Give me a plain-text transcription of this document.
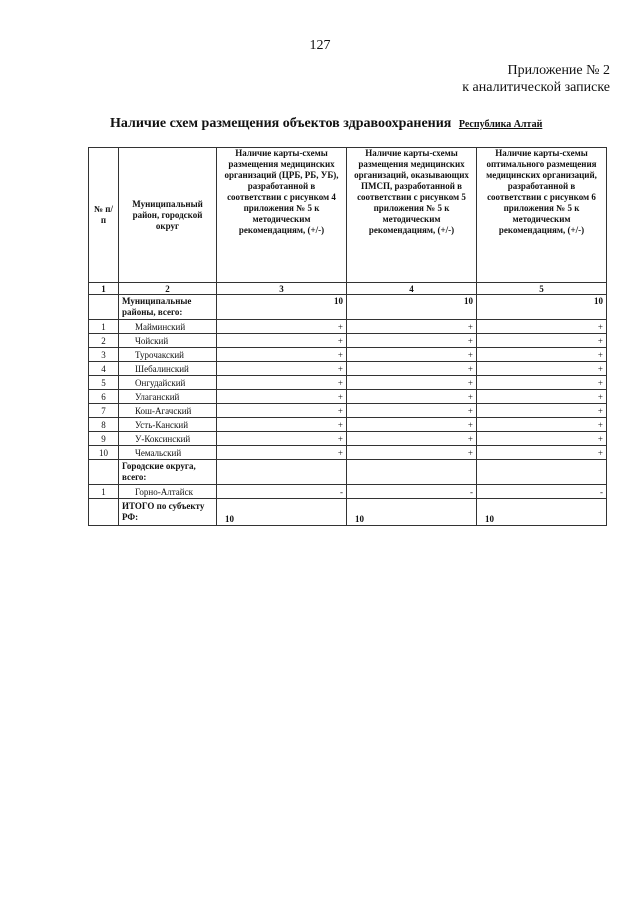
127
Приложение № 2
к аналитической записке
Наличие схем размещения объектов здравоохранения Республика Алтай
№ п/п	Муниципальный район, городской округ	Наличие карты-схемы размещения медицинских организаций (ЦРБ, РБ, УБ), разработанной в соответствии с рисунком 4 приложения № 5 к методическим рекомендациям, (+/-)	Наличие карты-схемы размещения медицинских организаций, оказывающих ПМСП, разработанной в соответствии с рисунком 5 приложения № 5 к методическим рекомендациям, (+/-)	Наличие карты-схемы оптимального размещения медицинских организаций, разработанной в соответствии с рисунком 6 приложения № 5 к методическим рекомендациям, (+/-)
1	2	3	4	5
	Муниципальные районы, всего:	10	10	10
1	Майминский	+	+	+
2	Чойский	+	+	+
3	Турочакский	+	+	+
4	Шебалинский	+	+	+
5	Онгудайский	+	+	+
6	Улаганский	+	+	+
7	Кош-Агачский	+	+	+
8	Усть-Канский	+	+	+
9	У-Коксинский	+	+	+
10	Чемальский	+	+	+
	Городские округа, всего:			
1	Горно-Алтайск	-	-	-
	ИТОГО по субъекту РФ:	10	10	10
